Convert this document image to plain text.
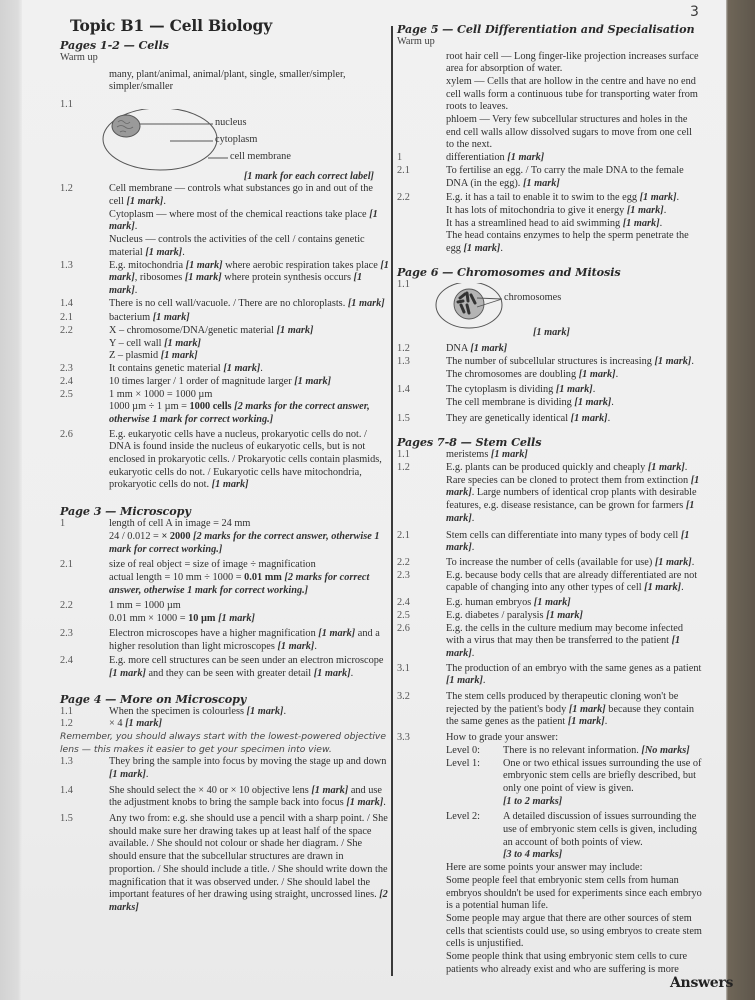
3
Topic B1 — Cell Biology
Pages 1-2 — Cells
Warm up
many, plant/animal, animal/plant, single, smaller/simpler, simpler/smaller
1.1
nucleus
cytoplasm
cell membrane
[1 mark for each correct label]
1.2	Cell membrane — controls what substances go in and out of the cell [1 mark].
Cytoplasm — where most of the chemical reactions take place [1 mark].
Nucleus — controls the activities of the cell / contains genetic material [1 mark].
1.3	E.g. mitochondria [1 mark] where aerobic respiration takes place [1 mark], ribosomes [1 mark] where protein synthesis occurs [1 mark].
1.4	There is no cell wall/vacuole. / There are no chloroplasts. [1 mark]
2.1	bacterium [1 mark]
2.2	X – chromosome/DNA/genetic material [1 mark]
Y – cell wall [1 mark]
Z – plasmid [1 mark]
2.3	It contains genetic material [1 mark].
2.4	10 times larger / 1 order of magnitude larger [1 mark]
2.5	1 mm × 1000 = 1000 µm
1000 µm ÷ 1 µm = 1000 cells [2 marks for the correct answer, otherwise 1 mark for correct working.]
2.6	E.g. eukaryotic cells have a nucleus, prokaryotic cells do not. / DNA is found inside the nucleus of eukaryotic cells, but is not enclosed in prokaryotic cells. / Prokaryotic cells contain plasmids, eukaryotic cells do not. / Eukaryotic cells have mitochondria, prokaryotic cells do not. [1 mark]
Page 3 — Microscopy
1	length of cell A in image = 24 mm
24 / 0.012 = × 2000 [2 marks for the correct answer, otherwise 1 mark for correct working.]
2.1	size of real object = size of image ÷ magnification
actual length = 10 mm ÷ 1000 = 0.01 mm [2 marks for correct answer, otherwise 1 mark for correct working.]
2.2	1 mm = 1000 µm
0.01 mm × 1000 = 10 µm [1 mark]
2.3	Electron microscopes have a higher magnification [1 mark] and a higher resolution than light microscopes [1 mark].
2.4	E.g. more cell structures can be seen under an electron microscope [1 mark] and they can be seen with greater detail [1 mark].
Page 4 — More on Microscopy
1.1	When the specimen is colourless [1 mark].
1.2	× 4 [1 mark]
Remember, you should always start with the lowest-powered objective lens — this makes it easier to get your specimen into view.
1.3	They bring the sample into focus by moving the stage up and down [1 mark].
1.4	She should select the × 40 or × 10 objective lens [1 mark] and use the adjustment knobs to bring the sample back into focus [1 mark].
1.5	Any two from: e.g. she should use a pencil with a sharp point. / She should make sure her drawing takes up at least half of the space available. / She should not colour or shade her diagram. / She should ensure that the subcellular structures are drawn in proportion. / She should include a title. / She should write down the magnification that it was observed under. / She should label the important features of her drawing using straight, uncrossed lines. [2 marks]
Page 5 — Cell Differentiation and Specialisation
Warm up
root hair cell — Long finger-like projection increases surface area for absorption of water.
xylem — Cells that are hollow in the centre and have no end cell walls form a continuous tube for transporting water from roots to leaves.
phloem — Very few subcellular structures and holes in the end cell walls allow dissolved sugars to move from one cell to the next.
1	differentiation [1 mark]
2.1	To fertilise an egg. / To carry the male DNA to the female DNA (in the egg). [1 mark]
2.2	E.g. it has a tail to enable it to swim to the egg [1 mark].
It has lots of mitochondria to give it energy [1 mark].
It has a streamlined head to aid swimming [1 mark].
The head contains enzymes to help the sperm penetrate the egg [1 mark].
Page 6 — Chromosomes and Mitosis
1.1
chromosomes
[1 mark]
1.2	DNA [1 mark]
1.3	The number of subcellular structures is increasing [1 mark].
The chromosomes are doubling [1 mark].
1.4	The cytoplasm is dividing [1 mark].
The cell membrane is dividing [1 mark].
1.5	They are genetically identical [1 mark].
Pages 7-8 — Stem Cells
1.1	meristems [1 mark]
1.2	E.g. plants can be produced quickly and cheaply [1 mark]. Rare species can be cloned to protect them from extinction [1 mark]. Large numbers of identical crop plants with desirable features, e.g. disease resistance, can be grown for farmers [1 mark].
2.1	Stem cells can differentiate into many types of body cell [1 mark].
2.2	To increase the number of cells (available for use) [1 mark].
2.3	E.g. because body cells that are already differentiated are not capable of changing into any other types of cell [1 mark].
2.4	E.g. human embryos [1 mark]
2.5	E.g. diabetes / paralysis [1 mark]
2.6	E.g. the cells in the culture medium may become infected with a virus that may then be transferred to the patient [1 mark].
3.1	The production of an embryo with the same genes as a patient [1 mark].
3.2	The stem cells produced by therapeutic cloning won't be rejected by the patient's body [1 mark] because they contain the same genes as the patient [1 mark].
3.3	How to grade your answer:
Level 0:	There is no relevant information. [No marks]
Level 1:	One or two ethical issues surrounding the use of embryonic stem cells are briefly described, but only one point of view is given.
[1 to 2 marks]
Level 2:	A detailed discussion of issues surrounding the use of embryonic stem cells is given, including an account of both points of view.
[3 to 4 marks]
Here are some points your answer may include:
Some people feel that embryonic stem cells from human embryos shouldn't be used for experiments since each embryo is a potential human life.
Some people may argue that there are other sources of stem cells that scientists could use, so using embryos to create stem cells is unjustified.
Some people think that using embryonic stem cells to cure patients who already exist and who are suffering is more
Answers
